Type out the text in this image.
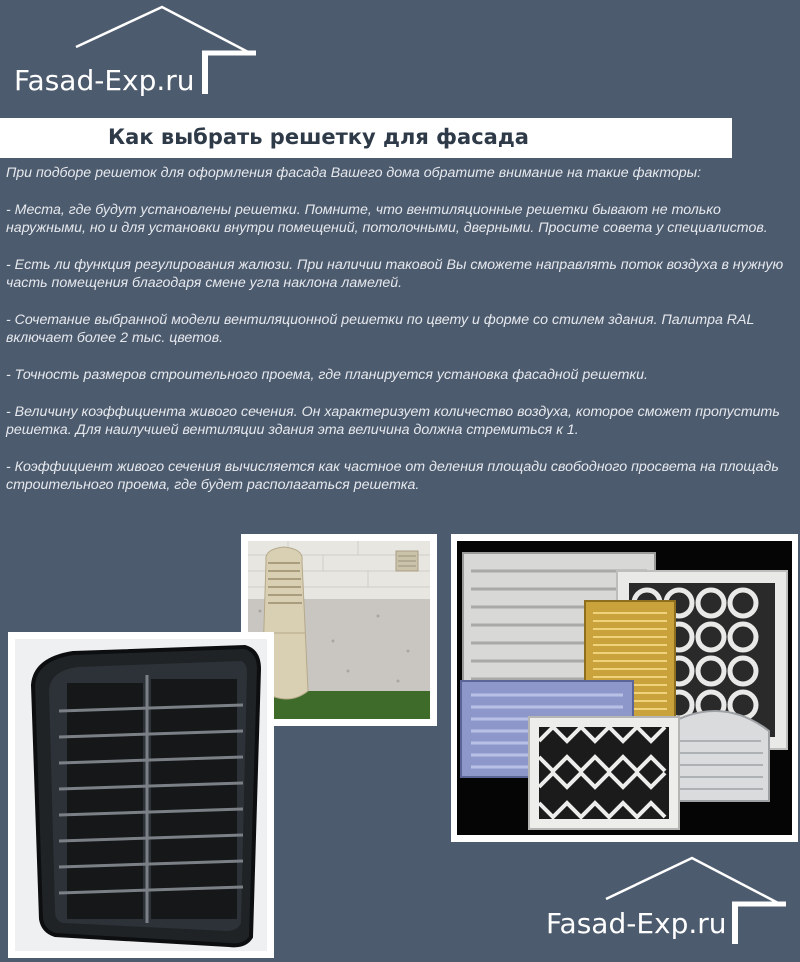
Fasad-Exp.ru
Как выбрать решетку для фасада

При подборе решеток для оформления фасада Вашего дома обратите внимание на такие факторы:

- Места, где будут установлены решетки. Помните, что вентиляционные решетки бывают не только наружными, но и для установки внутри помещений, потолочными, дверными. Просите совета у специалистов.

- Есть ли функция регулирования жалюзи. При наличии таковой Вы сможете направлять поток воздуха в нужную часть помещения благодаря смене угла наклона ламелей.

- Сочетание выбранной модели вентиляционной решетки по цвету и форме со стилем здания. Палитра RAL включает более 2 тыс. цветов.

- Точность размеров строительного проема, где планируется установка фасадной решетки.

- Величину коэффициента живого сечения. Он характеризует количество воздуха, которое сможет пропустить решетка. Для наилучшей вентиляции здания эта величина должна стремиться к 1.

- Коэффициент живого сечения вычисляется как частное от деления площади свободного просвета на площадь строительного проема, где будет располагаться решетка.

Fasad-Exp.ru
